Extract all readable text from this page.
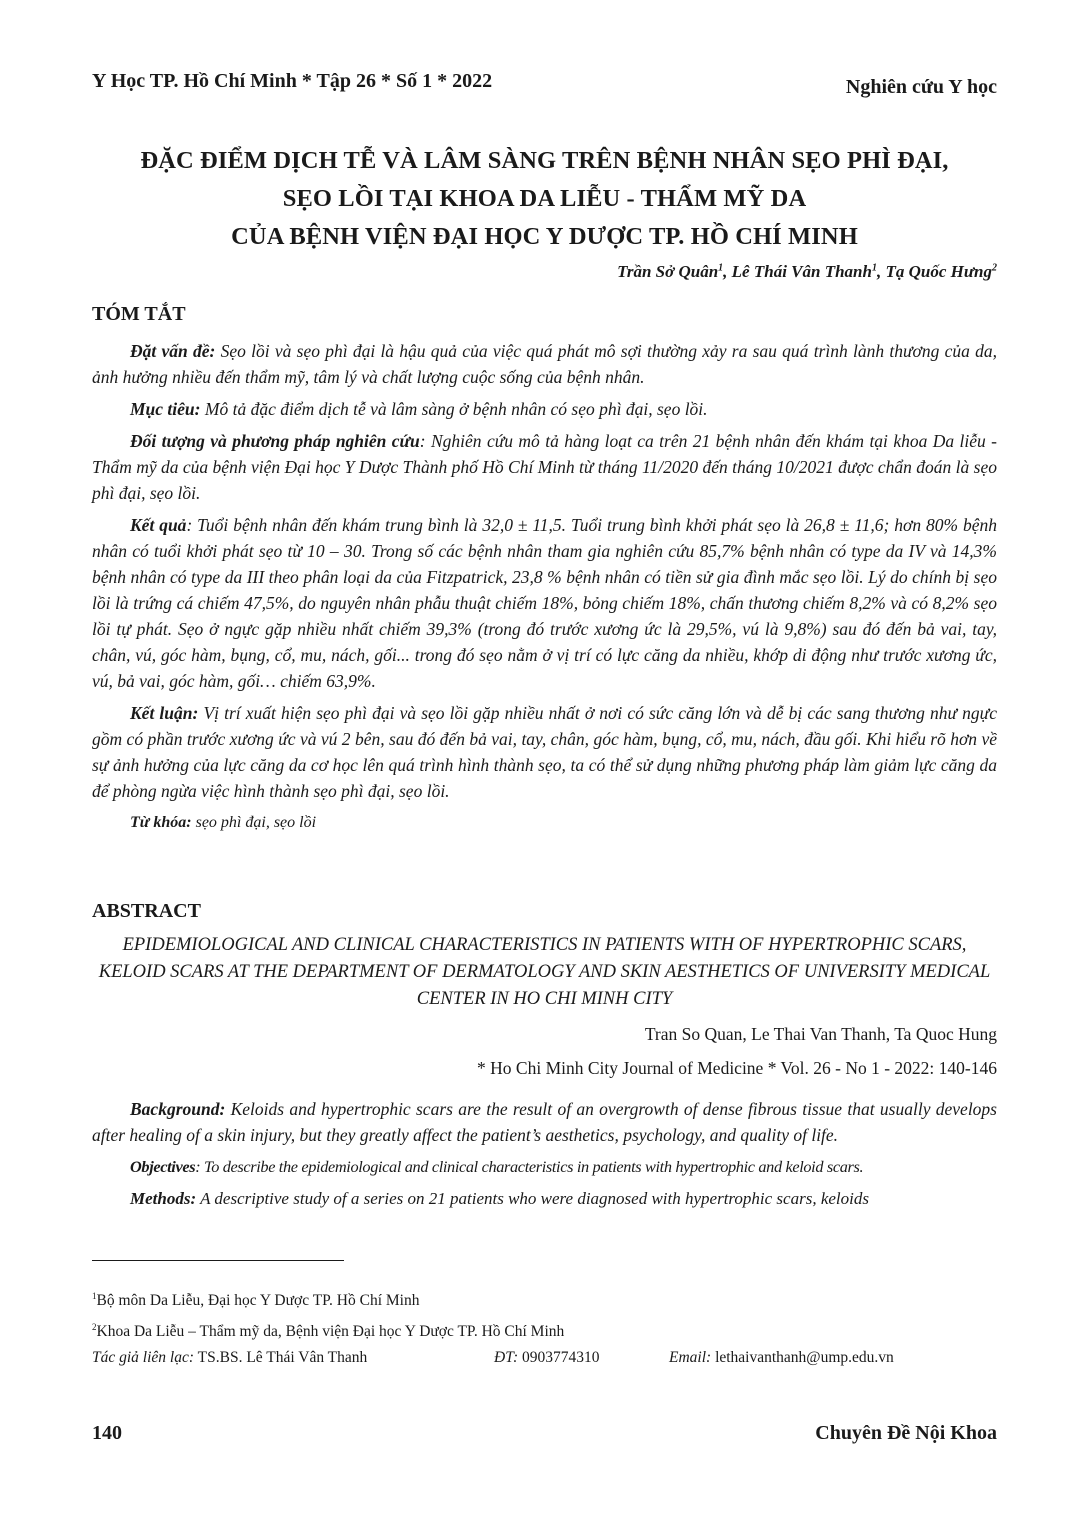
Y Học TP. Hồ Chí Minh * Tập 26 * Số 1 * 2022	Nghiên cứu Y học
ĐẶC ĐIỂM DỊCH TỄ VÀ LÂM SÀNG TRÊN BỆNH NHÂN SẸO PHÌ ĐẠI,
SẸO LỒI TẠI KHOA DA LIỄU - THẨM MỸ DA
CỦA BỆNH VIỆN ĐẠI HỌC Y DƯỢC TP. HỒ CHÍ MINH
Trần Sở Quân$^1$, Lê Thái Vân Thanh$^1$, Tạ Quốc Hưng$^2$
TÓM TẮT

Đặt vấn đề: Sẹo lồi và sẹo phì đại là hậu quả của việc quá phát mô sợi thường xảy ra sau quá trình lành thương của da, ảnh hưởng nhiều đến thẩm mỹ, tâm lý và chất lượng cuộc sống của bệnh nhân.

Mục tiêu: Mô tả đặc điểm dịch tễ và lâm sàng ở bệnh nhân có sẹo phì đại, sẹo lồi.

Đối tượng và phương pháp nghiên cứu: Nghiên cứu mô tả hàng loạt ca trên 21 bệnh nhân đến khám tại khoa Da liễu - Thẩm mỹ da của bệnh viện Đại học Y Dược Thành phố Hồ Chí Minh từ tháng 11/2020 đến tháng 10/2021 được chẩn đoán là sẹo phì đại, sẹo lồi.

Kết quả: Tuổi bệnh nhân đến khám trung bình là 32,0 ± 11,5. Tuổi trung bình khởi phát sẹo là 26,8 ± 11,6; hơn 80% bệnh nhân có tuổi khởi phát sẹo từ 10 – 30. Trong số các bệnh nhân tham gia nghiên cứu 85,7% bệnh nhân có type da IV và 14,3% bệnh nhân có type da III theo phân loại da của Fitzpatrick, 23,8 % bệnh nhân có tiền sử gia đình mắc sẹo lồi. Lý do chính bị sẹo lồi là trứng cá chiếm 47,5%, do nguyên nhân phẫu thuật chiếm 18%, bỏng chiếm 18%, chấn thương chiếm 8,2% và có 8,2% sẹo lồi tự phát. Sẹo ở ngực gặp nhiều nhất chiếm 39,3% (trong đó trước xương ức là 29,5%, vú là 9,8%) sau đó đến bả vai, tay, chân, vú, góc hàm, bụng, cổ, mu, nách, gối... trong đó sẹo nằm ở vị trí có lực căng da nhiều, khớp di động như trước xương ức, vú, bả vai, góc hàm, gối… chiếm 63,9%.

Kết luận: Vị trí xuất hiện sẹo phì đại và sẹo lồi gặp nhiều nhất ở nơi có sức căng lớn và dễ bị các sang thương như ngực gồm có phần trước xương ức và vú 2 bên, sau đó đến bả vai, tay, chân, góc hàm, bụng, cổ, mu, nách, đầu gối. Khi hiểu rõ hơn về sự ảnh hưởng của lực căng da cơ học lên quá trình hình thành sẹo, ta có thể sử dụng những phương pháp làm giảm lực căng da để phòng ngừa việc hình thành sẹo phì đại, sẹo lồi.

Từ khóa: sẹo phì đại, sẹo lồi

ABSTRACT
EPIDEMIOLOGICAL AND CLINICAL CHARACTERISTICS IN PATIENTS WITH OF HYPERTROPHIC SCARS, KELOID SCARS AT THE DEPARTMENT OF DERMATOLOGY AND SKIN AESTHETICS OF UNIVERSITY MEDICAL CENTER IN HO CHI MINH CITY
Tran So Quan, Le Thai Van Thanh, Ta Quoc Hung
* Ho Chi Minh City Journal of Medicine * Vol. 26 - No 1 - 2022: 140-146

Background: Keloids and hypertrophic scars are the result of an overgrowth of dense fibrous tissue that usually develops after healing of a skin injury, but they greatly affect the patient’s aesthetics, psychology, and quality of life.

Objectives: To describe the epidemiological and clinical characteristics in patients with hypertrophic and keloid scars.

Methods: A descriptive study of a series on 21 patients who were diagnosed with hypertrophic scars, keloids

$^1$Bộ môn Da Liễu, Đại học Y Dược TP. Hồ Chí Minh
$^2$Khoa Da Liễu – Thẩm mỹ da, Bệnh viện Đại học Y Dược TP. Hồ Chí Minh
Tác giả liên lạc: TS.BS. Lê Thái Vân Thanh	ĐT: 0903774310	Email: lethaivanthanh@ump.edu.vn
140	Chuyên Đề Nội Khoa
